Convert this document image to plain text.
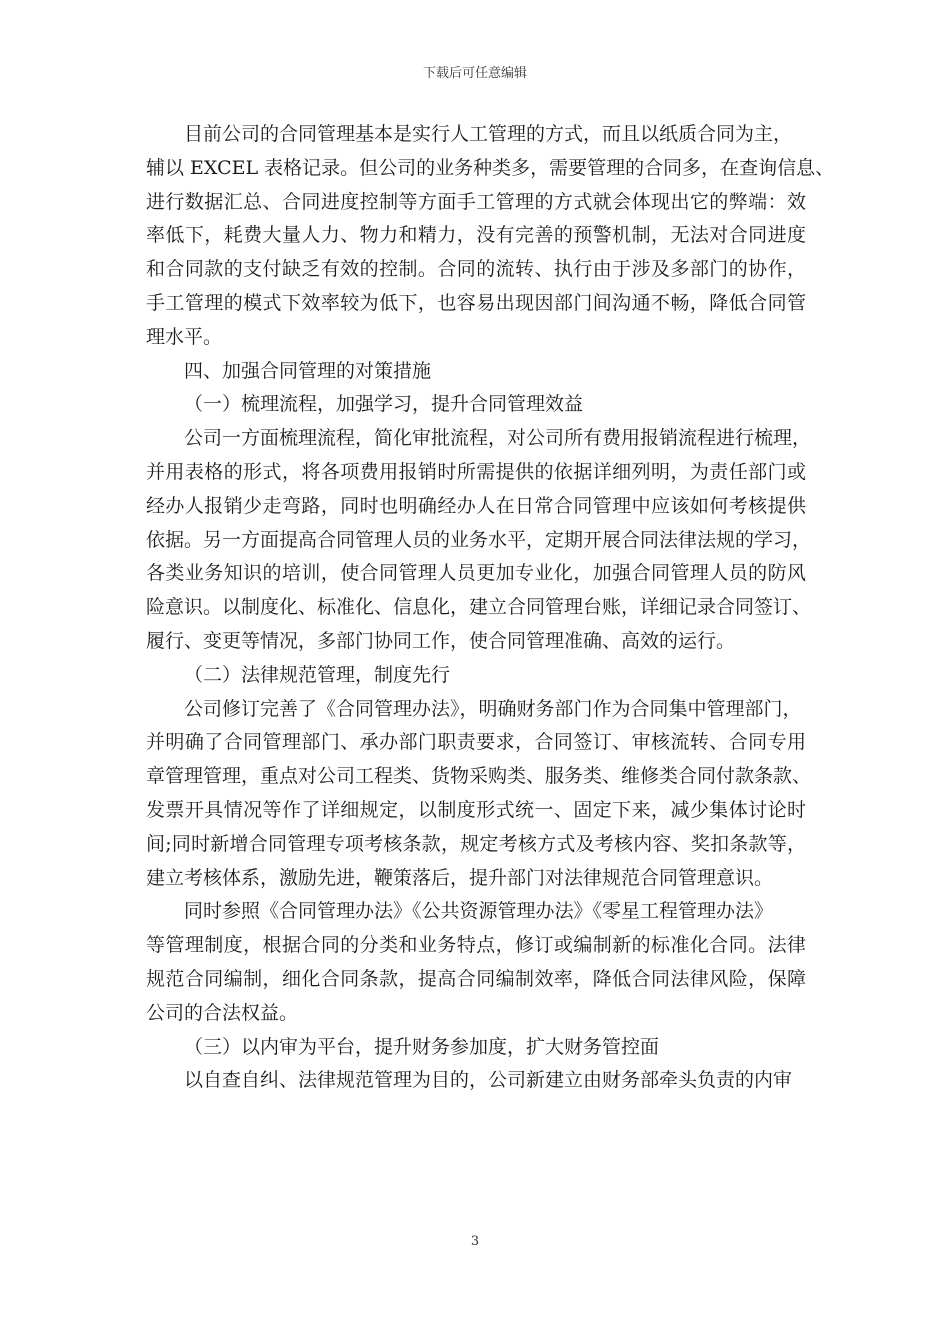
下载后可任意编辑
目前公司的合同管理基本是实行人工管理的方式，而且以纸质合同为主，
辅以 EXCEL 表格记录。但公司的业务种类多，需要管理的合同多，在查询信息、
进行数据汇总、合同进度控制等方面手工管理的方式就会体现出它的弊端：效
率低下，耗费大量人力、物力和精力，没有完善的预警机制，无法对合同进度
和合同款的支付缺乏有效的控制。合同的流转、执行由于涉及多部门的协作，
手工管理的模式下效率较为低下，也容易出现因部门间沟通不畅，降低合同管
理水平。
四、加强合同管理的对策措施
（一）梳理流程，加强学习，提升合同管理效益
公司一方面梳理流程，简化审批流程，对公司所有费用报销流程进行梳理，
并用表格的形式，将各项费用报销时所需提供的依据详细列明，为责任部门或
经办人报销少走弯路，同时也明确经办人在日常合同管理中应该如何考核提供
依据。另一方面提高合同管理人员的业务水平，定期开展合同法律法规的学习，
各类业务知识的培训，使合同管理人员更加专业化，加强合同管理人员的防风
险意识。以制度化、标准化、信息化，建立合同管理台账，详细记录合同签订、
履行、变更等情况，多部门协同工作，使合同管理准确、高效的运行。
（二）法律规范管理，制度先行
公司修订完善了《合同管理办法》，明确财务部门作为合同集中管理部门，
并明确了合同管理部门、承办部门职责要求，合同签订、审核流转、合同专用
章管理管理，重点对公司工程类、货物采购类、服务类、维修类合同付款条款、
发票开具情况等作了详细规定，以制度形式统一、固定下来，减少集体讨论时
间;同时新增合同管理专项考核条款，规定考核方式及考核内容、奖扣条款等，
建立考核体系，激励先进，鞭策落后，提升部门对法律规范合同管理意识。
同时参照《合同管理办法》《公共资源管理办法》《零星工程管理办法》
等管理制度，根据合同的分类和业务特点，修订或编制新的标准化合同。法律
规范合同编制，细化合同条款，提高合同编制效率，降低合同法律风险，保障
公司的合法权益。
（三）以内审为平台，提升财务参加度，扩大财务管控面
以自查自纠、法律规范管理为目的，公司新建立由财务部牵头负责的内审
3
